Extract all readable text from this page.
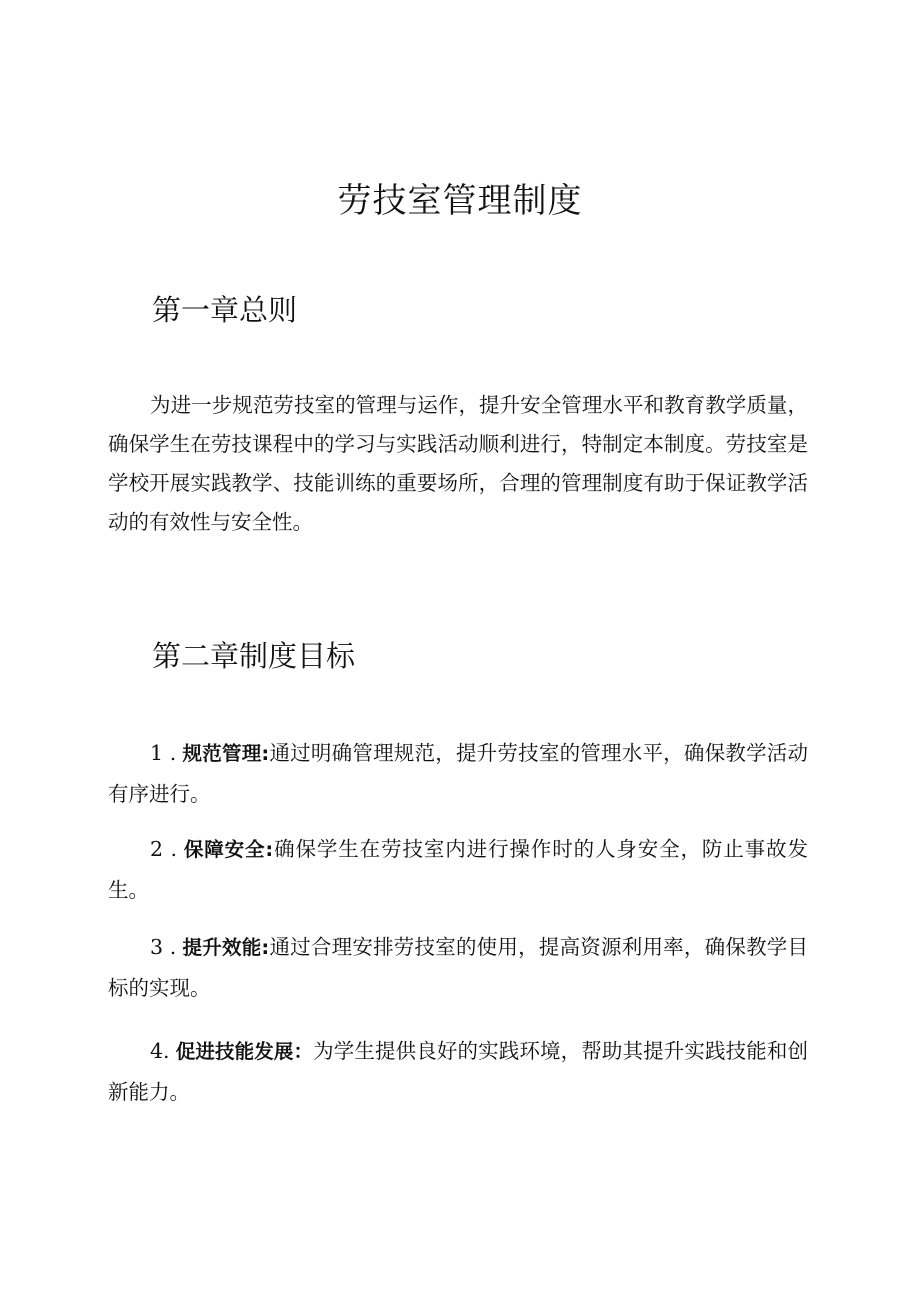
劳技室管理制度
第一章总则

为进一步规范劳技室的管理与运作，提升安全管理水平和教育教学质量，确保学生在劳技课程中的学习与实践活动顺利进行，特制定本制度。劳技室是学校开展实践教学、技能训练的重要场所，合理的管理制度有助于保证教学活动的有效性与安全性。

第二章制度目标

1 . 规范管理:通过明确管理规范，提升劳技室的管理水平，确保教学活动有序进行。

2 . 保障安全:确保学生在劳技室内进行操作时的人身安全，防止事故发生。

3 . 提升效能:通过合理安排劳技室的使用，提高资源利用率，确保教学目标的实现。

4. 促进技能发展：为学生提供良好的实践环境，帮助其提升实践技能和创新能力。
